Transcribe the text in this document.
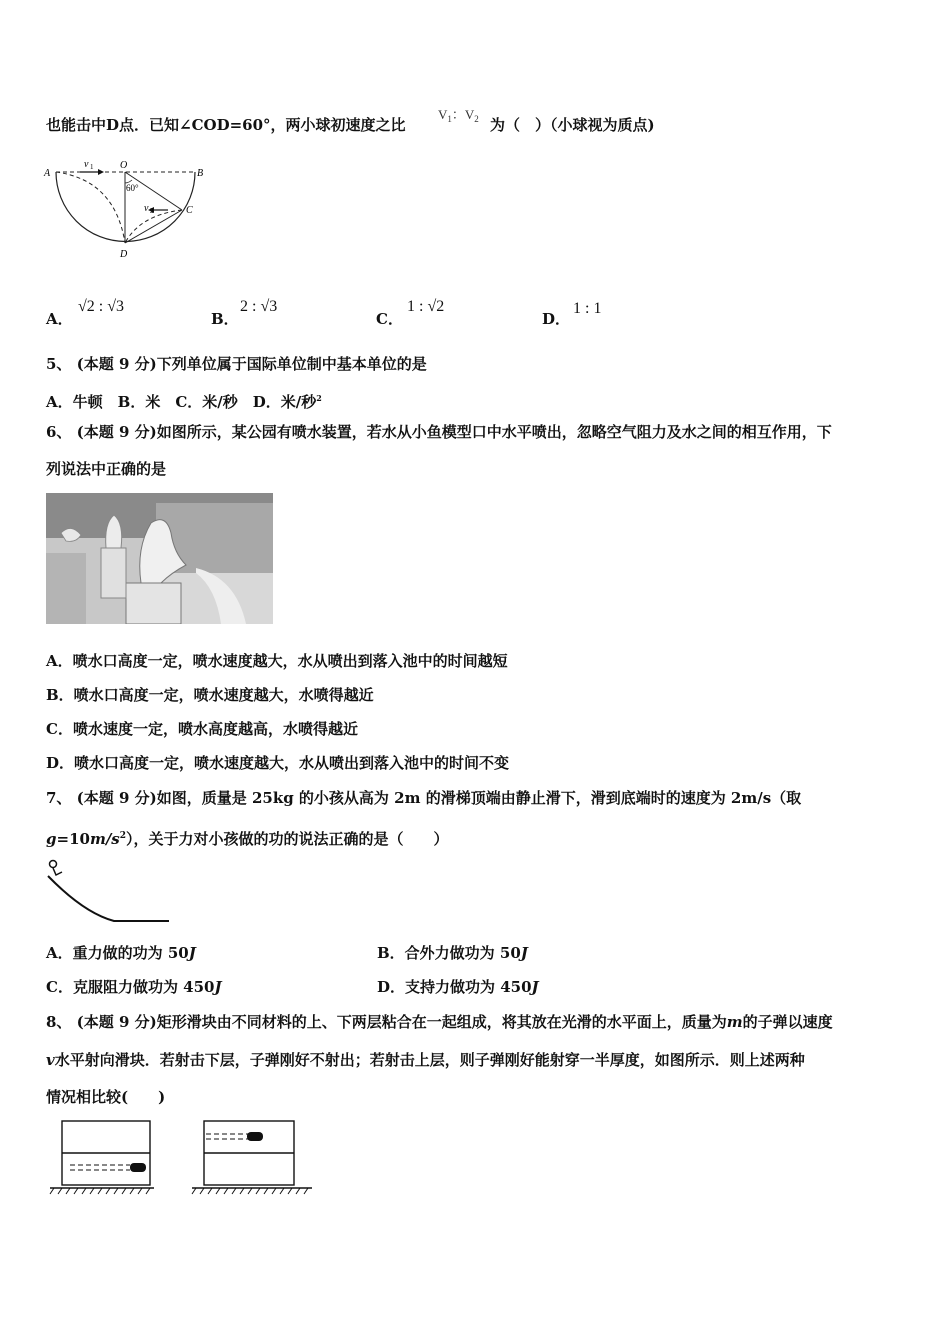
也能击中D点．已知∠COD=60°，两小球初速度之比
$V_1$：$V_2$ 为（　）（小球视为质点)
A	B
O
C
D
v 1
v 2
60°
A．
√2 : √3
B．
2 : √3
C．
1 : √2
D．
1 : 1
5、 (本题 9 分)下列单位属于国际单位制中基本单位的是
A．牛顿　B．米　C．米/秒　D．米/秒$^2$
6、 (本题 9 分)如图所示，某公园有喷水装置，若水从小鱼模型口中水平喷出，忽略空气阻力及水之间的相互作用，下
列说法中正确的是
A．喷水口高度一定，喷水速度越大，水从喷出到落入池中的时间越短
B．喷水口高度一定，喷水速度越大，水喷得越近
C．喷水速度一定，喷水高度越高，水喷得越近
D．喷水口高度一定，喷水速度越大，水从喷出到落入池中的时间不变
7、 (本题 9 分)如图，质量是 25kg 的小孩从高为 2m 的滑梯顶端由静止滑下，滑到底端时的速度为 2m/s（取
$g=10m/s^2$），关于力对小孩做的功的说法正确的是（　　）
A．重力做的功为 50J	B．合外力做功为 50J
C．克服阻力做功为 450J	D．支持力做功为 450J
8、 (本题 9 分)矩形滑块由不同材料的上、下两层粘合在一起组成，将其放在光滑的水平面上，质量为m的子弹以速度
v水平射向滑块．若射击下层，子弹刚好不射出；若射击上层，则子弹刚好能射穿一半厚度，如图所示．则上述两种
情况相比较(　　)
